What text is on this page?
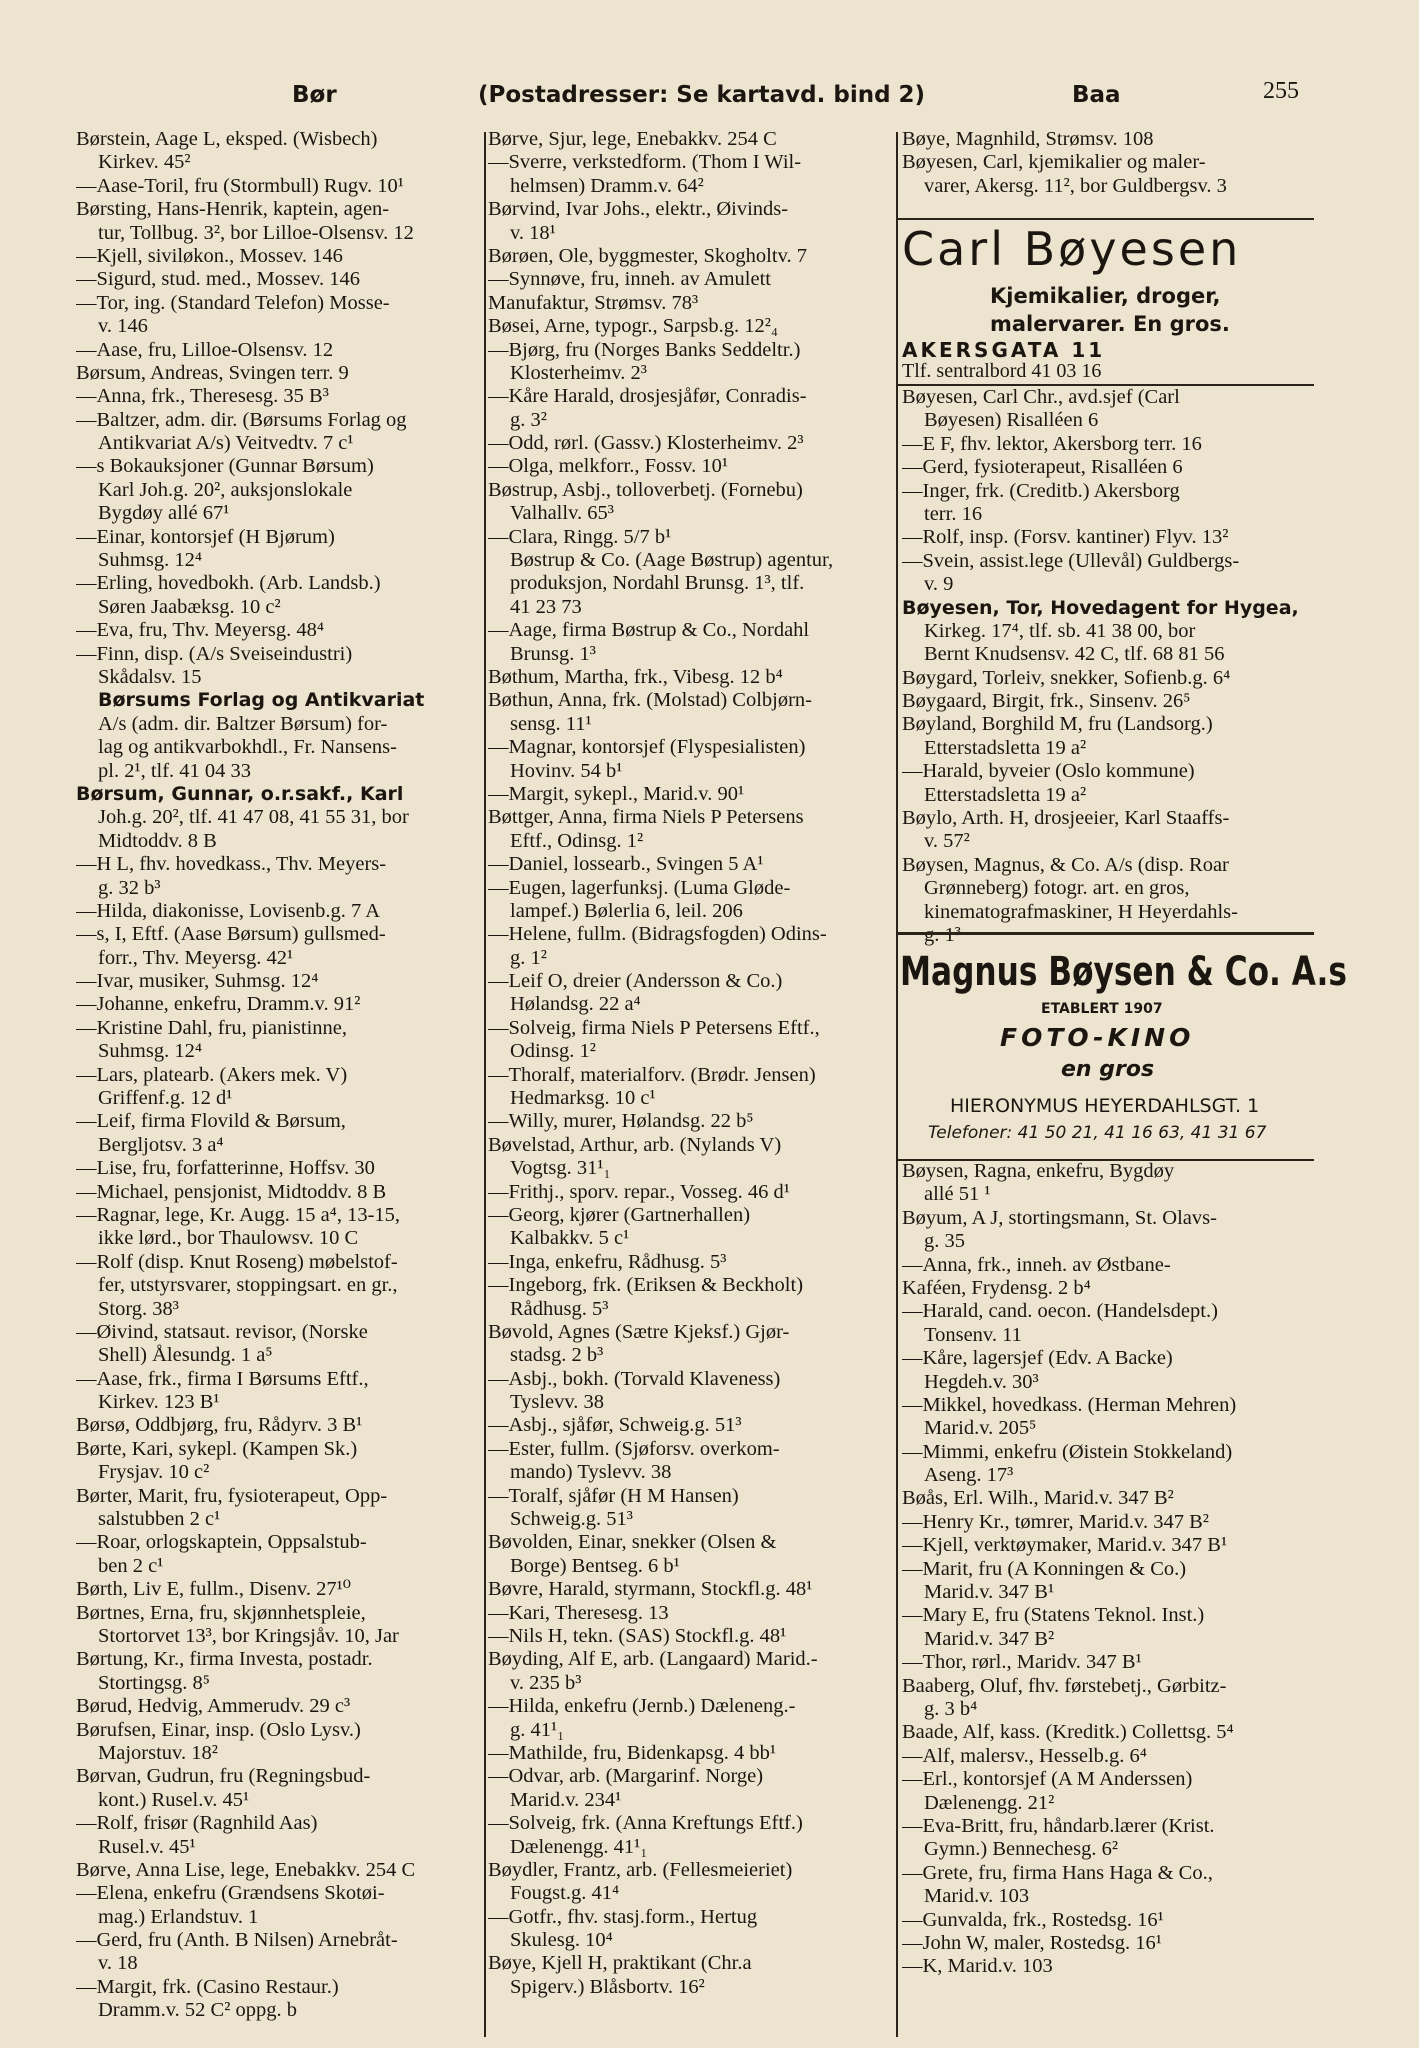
Bør	(Postadresser: Se kartavd. bind 2)	Baa	255
Børstein, Aage L, eksped. (Wisbech)
Kirkev. 45²
—Aase-Toril, fru (Stormbull) Rugv. 10¹
Børsting, Hans-Henrik, kaptein, agen-
tur, Tollbug. 3², bor Lilloe-Olsensv. 12
—Kjell, siviløkon., Mossev. 146
—Sigurd, stud. med., Mossev. 146
—Tor, ing. (Standard Telefon) Mosse-
v. 146
—Aase, fru, Lilloe-Olsensv. 12
Børsum, Andreas, Svingen terr. 9
—Anna, frk., Theresesg. 35 B³
—Baltzer, adm. dir. (Børsums Forlag og
Antikvariat A/s) Veitvedtv. 7 c¹
—s Bokauksjoner (Gunnar Børsum)
Karl Joh.g. 20², auksjonslokale
Bygdøy allé 67¹
—Einar, kontorsjef (H Bjørum)
Suhmsg. 12⁴
—Erling, hovedbokh. (Arb. Landsb.)
Søren Jaabæksg. 10 c²
—Eva, fru, Thv. Meyersg. 48⁴
—Finn, disp. (A/s Sveiseindustri)
Skådalsv. 15
Børsums Forlag og Antikvariat
A/s (adm. dir. Baltzer Børsum) for-
lag og antikvarbokhdl., Fr. Nansens-
pl. 2¹, tlf. 41 04 33
Børsum, Gunnar, o.r.sakf., Karl
Joh.g. 20², tlf. 41 47 08, 41 55 31, bor
Midtoddv. 8 B
—H L, fhv. hovedkass., Thv. Meyers-
g. 32 b³
—Hilda, diakonisse, Lovisenb.g. 7 A
—s, I, Eftf. (Aase Børsum) gullsmed-
forr., Thv. Meyersg. 42¹
—Ivar, musiker, Suhmsg. 12⁴
—Johanne, enkefru, Dramm.v. 91²
—Kristine Dahl, fru, pianistinne,
Suhmsg. 12⁴
—Lars, platearb. (Akers mek. V)
Griffenf.g. 12 d¹
—Leif, firma Flovild & Børsum,
Bergljotsv. 3 a⁴
—Lise, fru, forfatterinne, Hoffsv. 30
—Michael, pensjonist, Midtoddv. 8 B
—Ragnar, lege, Kr. Augg. 15 a⁴, 13-15,
ikke lørd., bor Thaulowsv. 10 C
—Rolf (disp. Knut Roseng) møbelstof-
fer, utstyrsvarer, stoppingsart. en gr.,
Storg. 38³
—Øivind, statsaut. revisor, (Norske
Shell) Ålesundg. 1 a⁵
—Aase, frk., firma I Børsums Eftf.,
Kirkev. 123 B¹
Børsø, Oddbjørg, fru, Rådyrv. 3 B¹
Børte, Kari, sykepl. (Kampen Sk.)
Frysjav. 10 c²
Børter, Marit, fru, fysioterapeut, Opp-
salstubben 2 c¹
—Roar, orlogskaptein, Oppsalstub-
ben 2 c¹
Børth, Liv E, fullm., Disenv. 27¹⁰
Børtnes, Erna, fru, skjønnhetspleie,
Stortorvet 13³, bor Kringsjåv. 10, Jar
Børtung, Kr., firma Investa, postadr.
Stortingsg. 8⁵
Børud, Hedvig, Ammerudv. 29 c³
Børufsen, Einar, insp. (Oslo Lysv.)
Majorstuv. 18²
Børvan, Gudrun, fru (Regningsbud-
kont.) Rusel.v. 45¹
—Rolf, frisør (Ragnhild Aas)
Rusel.v. 45¹
Børve, Anna Lise, lege, Enebakkv. 254 C
—Elena, enkefru (Grændsens Skotøi-
mag.) Erlandstuv. 1
—Gerd, fru (Anth. B Nilsen) Arnebråt-
v. 18
—Margit, frk. (Casino Restaur.)
Dramm.v. 52 C² oppg. b
Børve, Sjur, lege, Enebakkv. 254 C
—Sverre, verkstedform. (Thom I Wil-
helmsen) Dramm.v. 64²
Børvind, Ivar Johs., elektr., Øivinds-
v. 18¹
Børøen, Ole, byggmester, Skogholtv. 7
—Synnøve, fru, inneh. av Amulett
Manufaktur, Strømsv. 78³
Bøsei, Arne, typogr., Sarpsb.g. 12²₄
—Bjørg, fru (Norges Banks Seddeltr.)
Klosterheimv. 2³
—Kåre Harald, drosjesjåfør, Conradis-
g. 3²
—Odd, rørl. (Gassv.) Klosterheimv. 2³
—Olga, melkforr., Fossv. 10¹
Bøstrup, Asbj., tolloverbetj. (Fornebu)
Valhallv. 65³
—Clara, Ringg. 5/7 b¹
Bøstrup & Co. (Aage Bøstrup) agentur,
produksjon, Nordahl Brunsg. 1³, tlf.
41 23 73
—Aage, firma Bøstrup & Co., Nordahl
Brunsg. 1³
Bøthum, Martha, frk., Vibesg. 12 b⁴
Bøthun, Anna, frk. (Molstad) Colbjørn-
sensg. 11¹
—Magnar, kontorsjef (Flyspesialisten)
Hovinv. 54 b¹
—Margit, sykepl., Marid.v. 90¹
Bøttger, Anna, firma Niels P Petersens
Eftf., Odinsg. 1²
—Daniel, lossearb., Svingen 5 A¹
—Eugen, lagerfunksj. (Luma Gløde-
lampef.) Bølerlia 6, leil. 206
—Helene, fullm. (Bidragsfogden) Odins-
g. 1²
—Leif O, dreier (Andersson & Co.)
Hølandsg. 22 a⁴
—Solveig, firma Niels P Petersens Eftf.,
Odinsg. 1²
—Thoralf, materialforv. (Brødr. Jensen)
Hedmarksg. 10 c¹
—Willy, murer, Hølandsg. 22 b⁵
Bøvelstad, Arthur, arb. (Nylands V)
Vogtsg. 31¹₁
—Frithj., sporv. repar., Vosseg. 46 d¹
—Georg, kjører (Gartnerhallen)
Kalbakkv. 5 c¹
—Inga, enkefru, Rådhusg. 5³
—Ingeborg, frk. (Eriksen & Beckholt)
Rådhusg. 5³
Bøvold, Agnes (Sætre Kjeksf.) Gjør-
stadsg. 2 b³
—Asbj., bokh. (Torvald Klaveness)
Tyslevv. 38
—Asbj., sjåfør, Schweig.g. 51³
—Ester, fullm. (Sjøforsv. overkom-
mando) Tyslevv. 38
—Toralf, sjåfør (H M Hansen)
Schweig.g. 51³
Bøvolden, Einar, snekker (Olsen &
Borge) Bentseg. 6 b¹
Bøvre, Harald, styrmann, Stockfl.g. 48¹
—Kari, Theresesg. 13
—Nils H, tekn. (SAS) Stockfl.g. 48¹
Bøyding, Alf E, arb. (Langaard) Marid.-
v. 235 b³
—Hilda, enkefru (Jernb.) Dæleneng.-
g. 41¹₁
—Mathilde, fru, Bidenkapsg. 4 bb¹
—Odvar, arb. (Margarinf. Norge)
Marid.v. 234¹
—Solveig, frk. (Anna Kreftungs Eftf.)
Dælenengg. 41¹₁
Bøydler, Frantz, arb. (Fellesmeieriet)
Fougst.g. 41⁴
—Gotfr., fhv. stasj.form., Hertug
Skulesg. 10⁴
Bøye, Kjell H, praktikant (Chr.a
Spigerv.) Blåsbortv. 16²
Bøye, Magnhild, Strømsv. 108
Bøyesen, Carl, kjemikalier og maler-
varer, Akersg. 11², bor Guldbergsv. 3
Carl Bøyesen
Kjemikalier, droger,
malervarer. En gros.
AKERSGATA 11
Tlf. sentralbord 41 03 16
Bøyesen, Carl Chr., avd.sjef (Carl
Bøyesen) Risalléen 6
—E F, fhv. lektor, Akersborg terr. 16
—Gerd, fysioterapeut, Risalléen 6
—Inger, frk. (Creditb.) Akersborg
terr. 16
—Rolf, insp. (Forsv. kantiner) Flyv. 13²
—Svein, assist.lege (Ullevål) Guldbergs-
v. 9
Bøyesen, Tor, Hovedagent for Hygea,
Kirkeg. 17⁴, tlf. sb. 41 38 00, bor
Bernt Knudsensv. 42 C, tlf. 68 81 56
Bøygard, Torleiv, snekker, Sofienb.g. 6⁴
Bøygaard, Birgit, frk., Sinsenv. 26⁵
Bøyland, Borghild M, fru (Landsorg.)
Etterstadsletta 19 a²
—Harald, byveier (Oslo kommune)
Etterstadsletta 19 a²
Bøylo, Arth. H, drosjeeier, Karl Staaffs-
v. 57²
Bøysen, Magnus, & Co. A/s (disp. Roar
Grønneberg) fotogr. art. en gros,
kinematografmaskiner, H Heyerdahls-
g. 1³
Magnus Bøysen & Co. A.s
ETABLERT 1907
FOTO-KINO
en gros
HIERONYMUS HEYERDAHLSGT. 1
Telefoner: 41 50 21, 41 16 63, 41 31 67
Bøysen, Ragna, enkefru, Bygdøy
allé 51 ¹
Bøyum, A J, stortingsmann, St. Olavs-
g. 35
—Anna, frk., inneh. av Østbane-
Kaféen, Frydensg. 2 b⁴
—Harald, cand. oecon. (Handelsdept.)
Tonsenv. 11
—Kåre, lagersjef (Edv. A Backe)
Hegdeh.v. 30³
—Mikkel, hovedkass. (Herman Mehren)
Marid.v. 205⁵
—Mimmi, enkefru (Øistein Stokkeland)
Aseng. 17³
Bøås, Erl. Wilh., Marid.v. 347 B²
—Henry Kr., tømrer, Marid.v. 347 B²
—Kjell, verktøymaker, Marid.v. 347 B¹
—Marit, fru (A Konningen & Co.)
Marid.v. 347 B¹
—Mary E, fru (Statens Teknol. Inst.)
Marid.v. 347 B²
—Thor, rørl., Maridv. 347 B¹
Baaberg, Oluf, fhv. førstebetj., Gørbitz-
g. 3 b⁴
Baade, Alf, kass. (Kreditk.) Collettsg. 5⁴
—Alf, malersv., Hesselb.g. 6⁴
—Erl., kontorsjef (A M Anderssen)
Dælenengg. 21²
—Eva-Britt, fru, håndarb.lærer (Krist.
Gymn.) Bennechesg. 6²
—Grete, fru, firma Hans Haga & Co.,
Marid.v. 103
—Gunvalda, frk., Rostedsg. 16¹
—John W, maler, Rostedsg. 16¹
—K, Marid.v. 103
